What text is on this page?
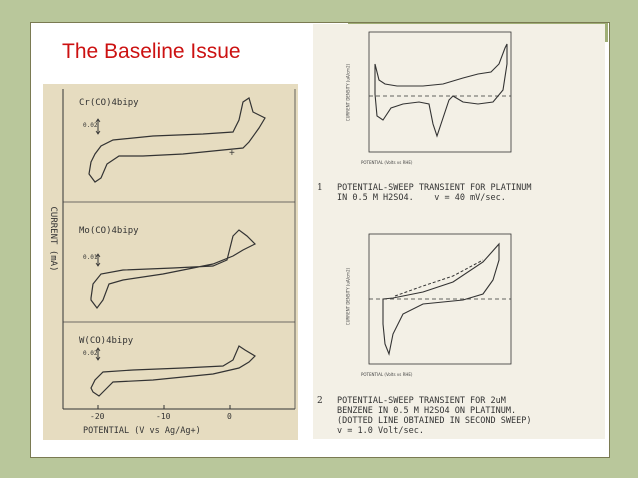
The Baseline Issue
+
Cr(CO)4bipy
0.02
Mo(CO)4bipy
0.01
W(CO)4bipy
0.02
CURRENT (mA)
-20	-10	0
POTENTIAL (V vs Ag/Ag+)
POTENTIAL (Volts vs RHE)
CURRENT DENSITY (uA/cm2)
1 POTENTIAL-SWEEP TRANSIENT FOR PLATINUM
IN 0.5 M H2SO4.    v = 40 mV/sec.
POTENTIAL (Volts vs RHE)
CURRENT DENSITY (uA/cm2)
2 POTENTIAL-SWEEP TRANSIENT FOR 2uM
BENZENE IN 0.5 M H2SO4 ON PLATINUM.
(DOTTED LINE OBTAINED IN SECOND SWEEP)
v = 1.0 Volt/sec.
